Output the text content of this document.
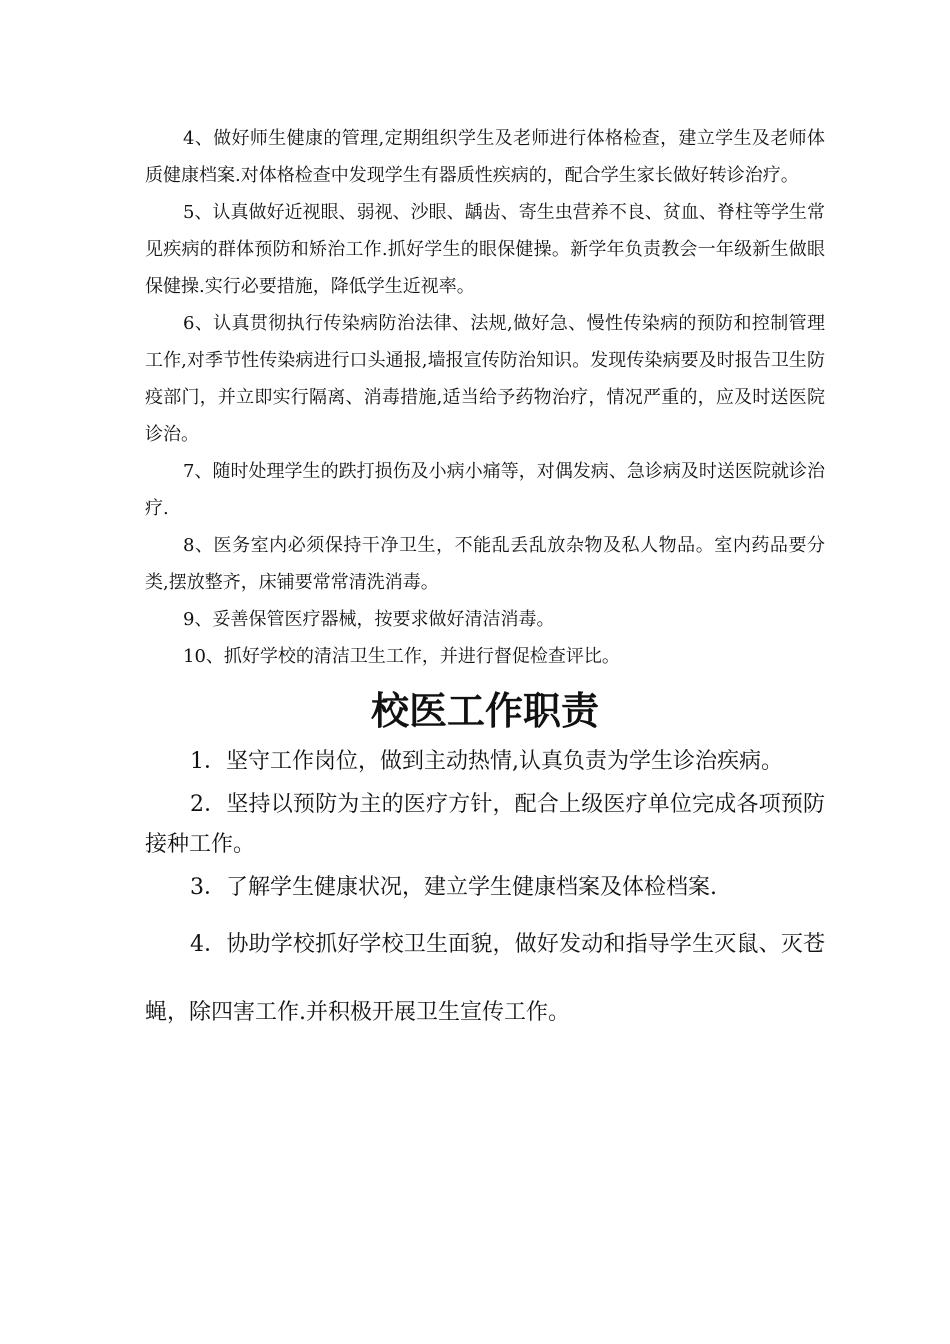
4、做好师生健康的管理,定期组织学生及老师进行体格检查，建立学生及老师体质健康档案.对体格检查中发现学生有器质性疾病的，配合学生家长做好转诊治疗。

5、认真做好近视眼、弱视、沙眼、龋齿、寄生虫营养不良、贫血、脊柱等学生常见疾病的群体预防和矫治工作.抓好学生的眼保健操。新学年负责教会一年级新生做眼保健操.实行必要措施，降低学生近视率。

6、认真贯彻执行传染病防治法律、法规,做好急、慢性传染病的预防和控制管理工作,对季节性传染病进行口头通报,墙报宣传防治知识。发现传染病要及时报告卫生防疫部门，并立即实行隔离、消毒措施,适当给予药物治疗，情况严重的，应及时送医院诊治。

7、随时处理学生的跌打损伤及小病小痛等，对偶发病、急诊病及时送医院就诊治疗.

8、医务室内必须保持干净卫生，不能乱丢乱放杂物及私人物品。室内药品要分类,摆放整齐，床铺要常常清洗消毒。

9、妥善保管医疗器械，按要求做好清洁消毒。

10、抓好学校的清洁卫生工作，并进行督促检查评比。

校医工作职责

1．坚守工作岗位，做到主动热情,认真负责为学生诊治疾病。

2．坚持以预防为主的医疗方针，配合上级医疗单位完成各项预防接种工作。

3．了解学生健康状况，建立学生健康档案及体检档案.

4．协助学校抓好学校卫生面貌，做好发动和指导学生灭鼠、灭苍蝇，除四害工作.并积极开展卫生宣传工作。
